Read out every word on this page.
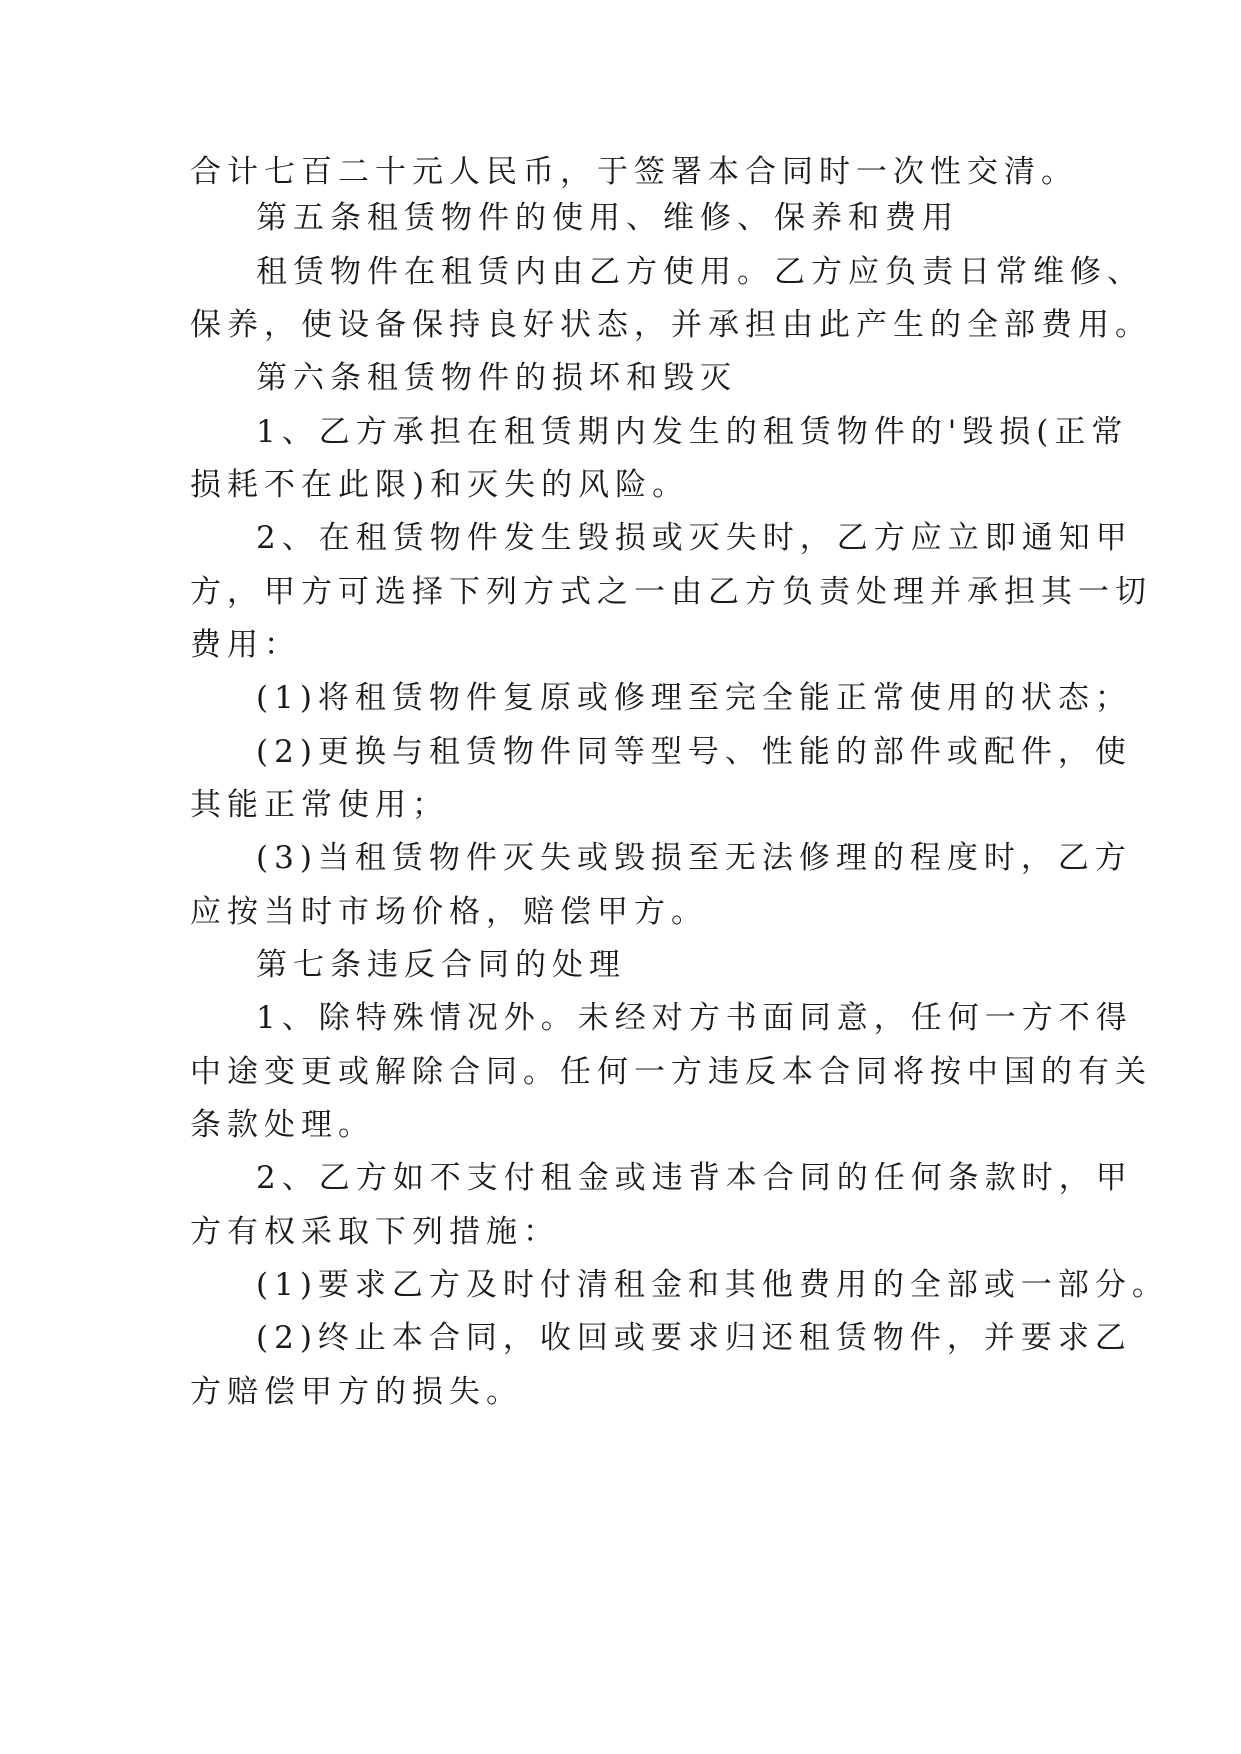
合计七百二十元人民币，于签署本合同时一次性交清。
第五条租赁物件的使用、维修、保养和费用
租赁物件在租赁内由乙方使用。乙方应负责日常维修、
保养，使设备保持良好状态，并承担由此产生的全部费用。
第六条租赁物件的损坏和毁灭
1、乙方承担在租赁期内发生的租赁物件的'毁损(正常
损耗不在此限)和灭失的风险。
2、在租赁物件发生毁损或灭失时，乙方应立即通知甲
方，甲方可选择下列方式之一由乙方负责处理并承担其一切
费用：
(1)将租赁物件复原或修理至完全能正常使用的状态；
(2)更换与租赁物件同等型号、性能的部件或配件，使
其能正常使用；
(3)当租赁物件灭失或毁损至无法修理的程度时，乙方
应按当时市场价格，赔偿甲方。
第七条违反合同的处理
1、除特殊情况外。未经对方书面同意，任何一方不得
中途变更或解除合同。任何一方违反本合同将按中国的有关
条款处理。
2、乙方如不支付租金或违背本合同的任何条款时，甲
方有权采取下列措施：
(1)要求乙方及时付清租金和其他费用的全部或一部分。
(2)终止本合同，收回或要求归还租赁物件，并要求乙
方赔偿甲方的损失。
